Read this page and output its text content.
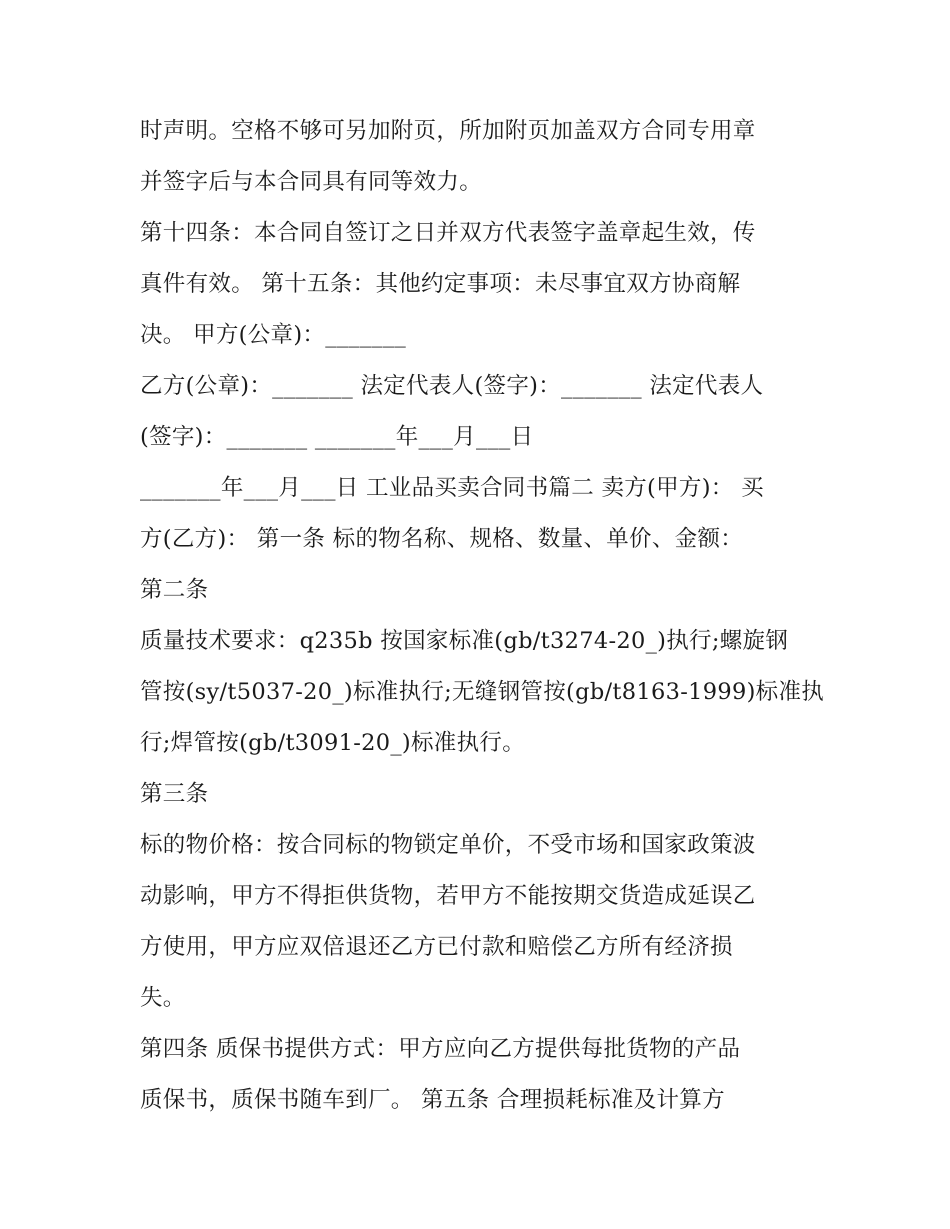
时声明。空格不够可另加附页，所加附页加盖双方合同专用章
并签字后与本合同具有同等效力。
第十四条：本合同自签订之日并双方代表签字盖章起生效，传
真件有效。 第十五条：其他约定事项：未尽事宜双方协商解
决。 甲方(公章)：_______
乙方(公章)：_______ 法定代表人(签字)：_______ 法定代表人
(签字)：_______ _______年___月___日
_______年___月___日 工业品买卖合同书篇二 卖方(甲方)： 买
方(乙方)： 第一条 标的物名称、规格、数量、单价、金额：
第二条
质量技术要求：q235b 按国家标准(gb/t3274-20_)执行;螺旋钢
管按(sy/t5037-20_)标准执行;无缝钢管按(gb/t8163-1999)标准执
行;焊管按(gb/t3091-20_)标准执行。
第三条
标的物价格：按合同标的物锁定单价，不受市场和国家政策波
动影响，甲方不得拒供货物，若甲方不能按期交货造成延误乙
方使用，甲方应双倍退还乙方已付款和赔偿乙方所有经济损
失。
第四条 质保书提供方式：甲方应向乙方提供每批货物的产品
质保书，质保书随车到厂。 第五条 合理损耗标准及计算方
